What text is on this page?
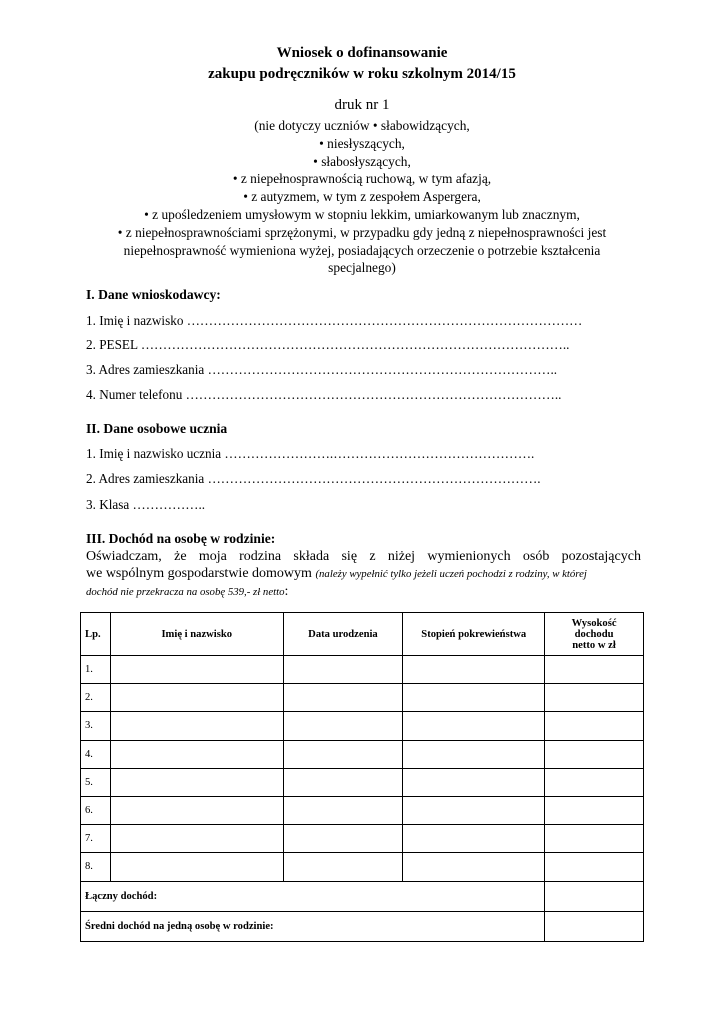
Wniosek o dofinansowanie
zakupu podręczników w roku szkolnym 2014/15
druk nr 1
(nie dotyczy uczniów • słabowidzących,
• niesłyszących,
• słabosłyszących,
• z niepełnosprawnością ruchową, w tym afazją,
• z autyzmem, w tym z zespołem Aspergera,
• z upośledzeniem umysłowym w stopniu lekkim, umiarkowanym lub znacznym,
• z niepełnosprawnościami sprzężonymi, w przypadku gdy jedną z niepełnosprawności jest
niepełnosprawność wymieniona wyżej, posiadających orzeczenie o potrzebie kształcenia
specjalnego)
I. Dane wnioskodawcy:
1. Imię i nazwisko ………………………………………………………………………………
2. PESEL ……………………………………………………………………………………..
3. Adres zamieszkania ……………………………………………………………………..
4. Numer telefonu …………………………………………………………………………..
II. Dane osobowe ucznia
1. Imię i nazwisko ucznia …………………….……………………………………….
2. Adres zamieszkania ………………………………………………………………….
3. Klasa ……………..
III. Dochód na osobę w rodzinie:
Oświadczam, że moja rodzina składa się z niżej wymienionych osób pozostających
we wspólnym gospodarstwie domowym (należy wypełnić tylko jeżeli uczeń pochodzi z rodziny, w której
dochód nie przekracza na osobę 539,- zł netto:
Lp.	Imię i nazwisko	Data urodzenia	Stopień pokrewieństwa	Wysokość
dochodu
netto w zł

1.				
2.				
3.				
4.				
5.				
6.				
7.				
8.				
Łączny dochód:				
Średni dochód na jedną osobę w rodzinie:				
